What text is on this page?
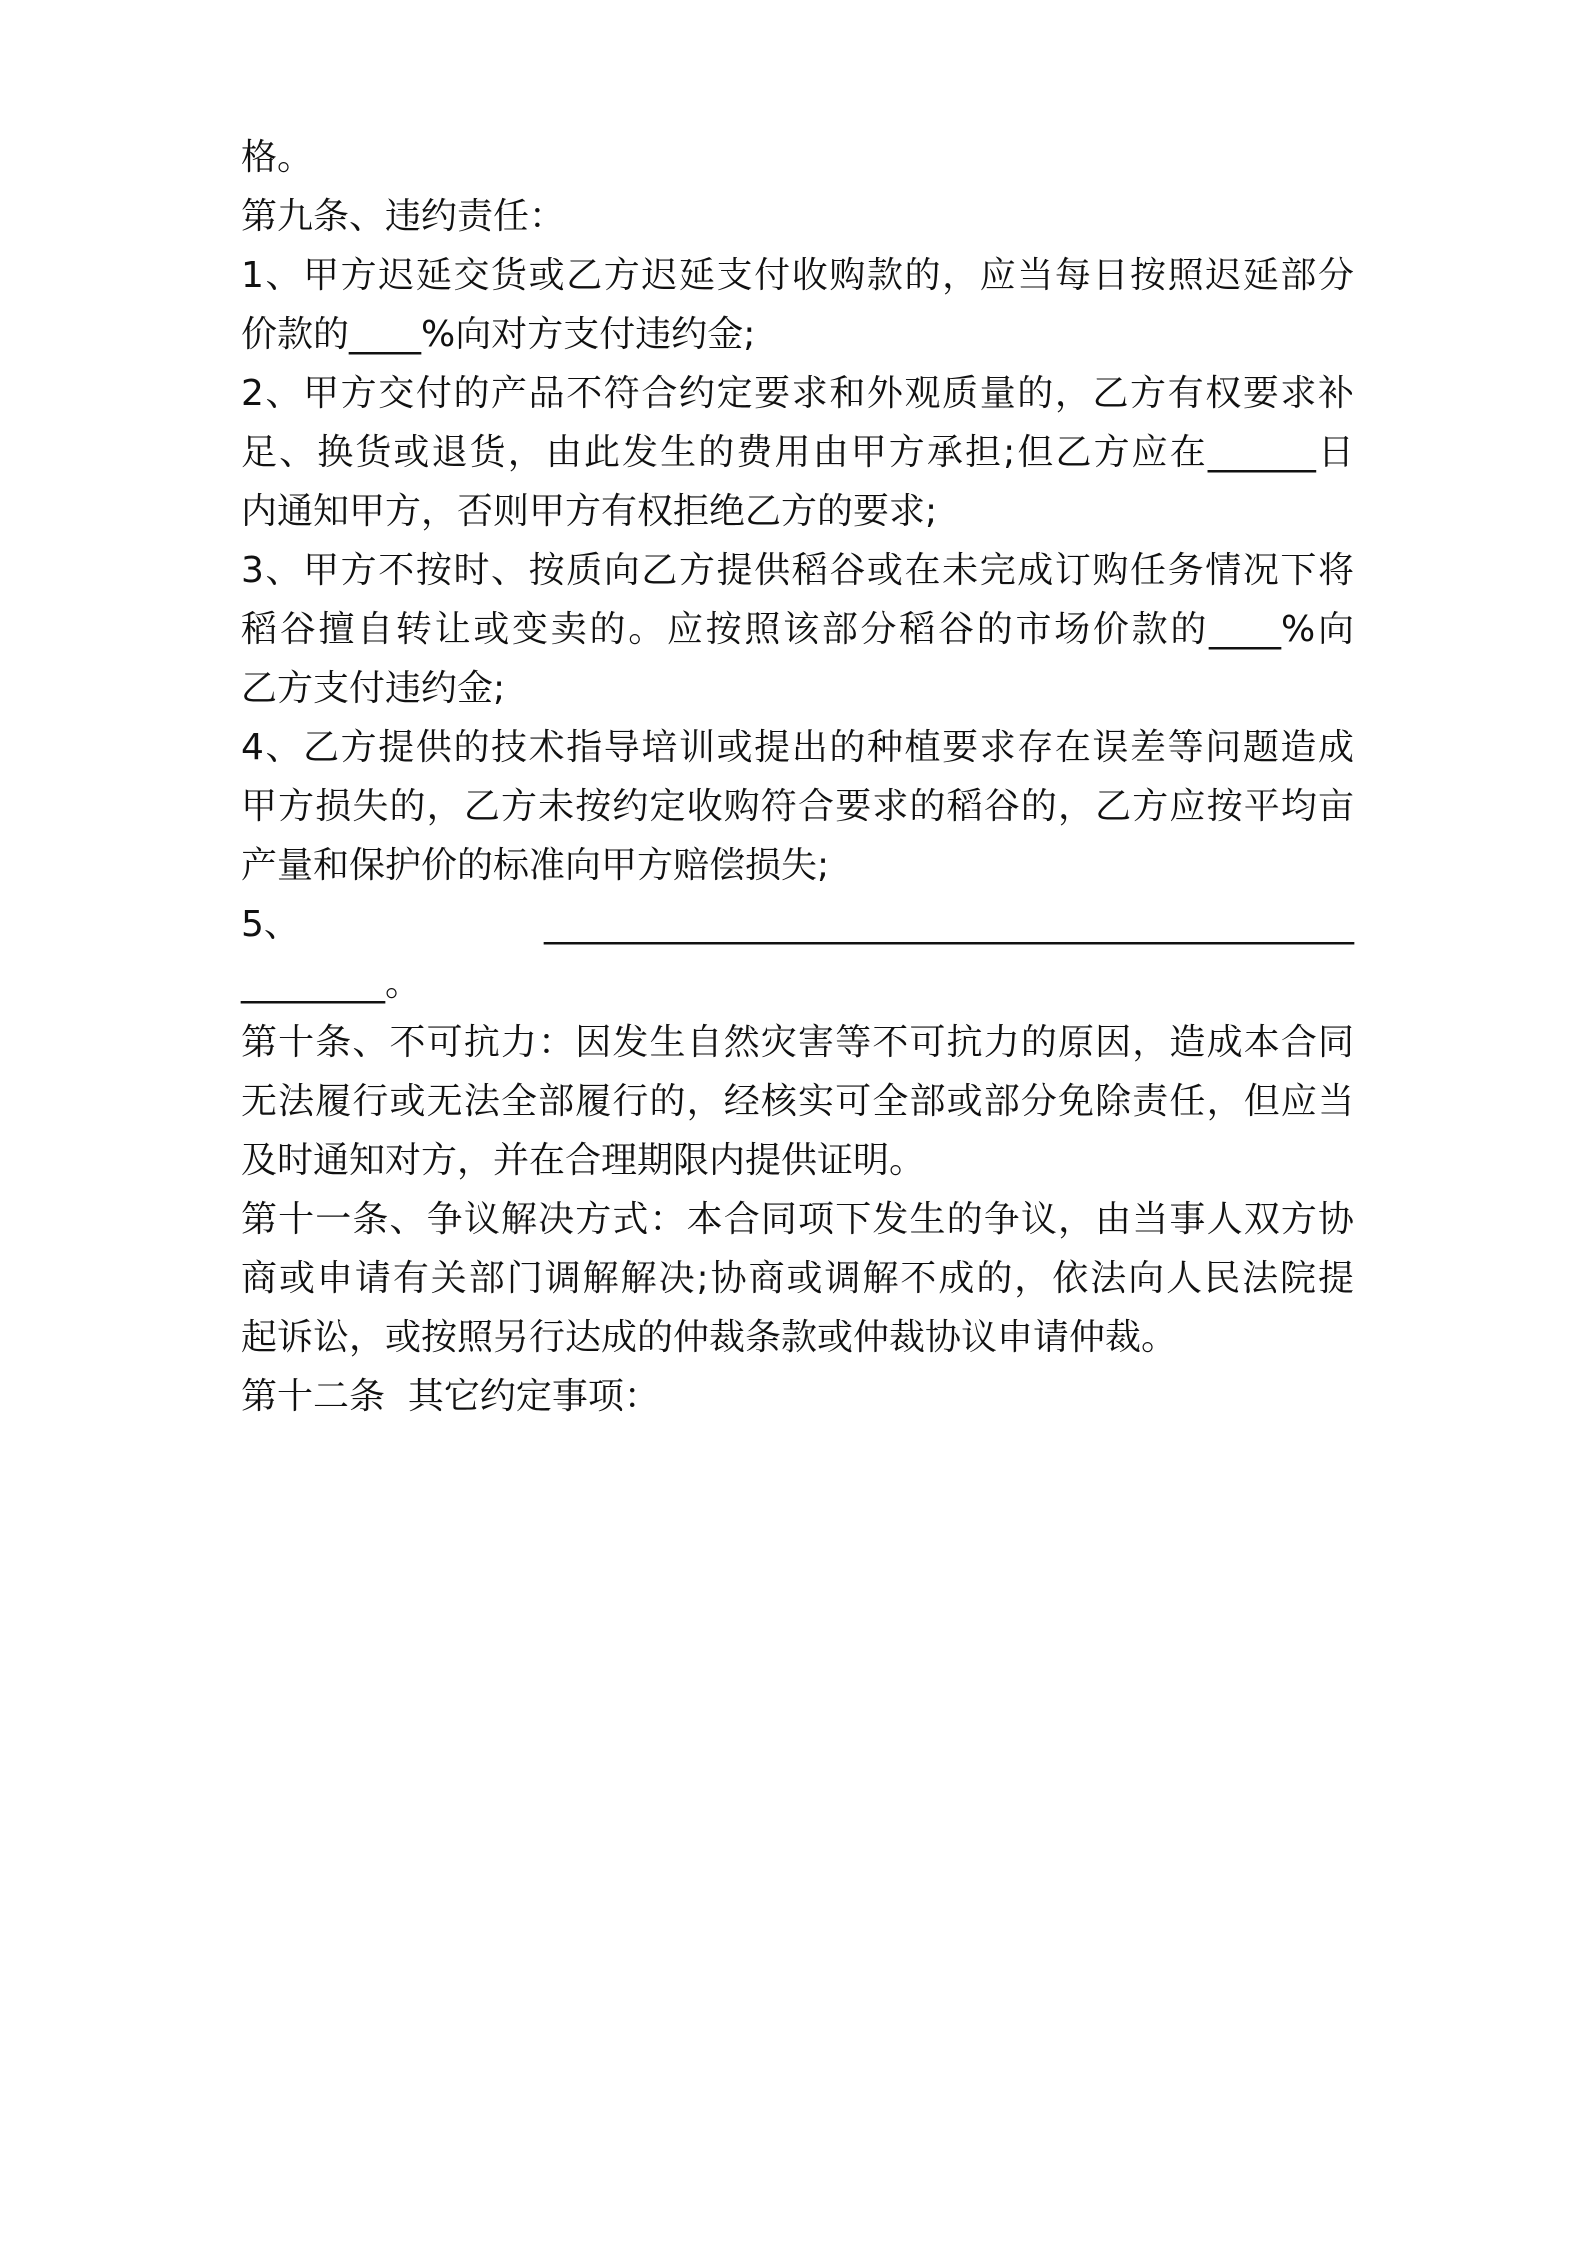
格。

第九条、违约责任：

1、甲方迟延交货或乙方迟延支付收购款的，应当每日按照迟延部分

价款的____%向对方支付违约金;

2、甲方交付的产品不符合约定要求和外观质量的，乙方有权要求补

足、换货或退货，由此发生的费用由甲方承担;但乙方应在______日

内通知甲方，否则甲方有权拒绝乙方的要求;

3、甲方不按时、按质向乙方提供稻谷或在未完成订购任务情况下将

稻谷擅自转让或变卖的。应按照该部分稻谷的市场价款的____%向

乙方支付违约金;

4、乙方提供的技术指导培训或提出的种植要求存在误差等问题造成

甲方损失的，乙方未按约定收购符合要求的稻谷的，乙方应按平均亩

产量和保护价的标准向甲方赔偿损失;

5、	_____________________________________________

________。

第十条、不可抗力：因发生自然灾害等不可抗力的原因，造成本合同

无法履行或无法全部履行的，经核实可全部或部分免除责任，但应当

及时通知对方，并在合理期限内提供证明。

第十一条、争议解决方式：本合同项下发生的争议，由当事人双方协

商或申请有关部门调解解决;协商或调解不成的，依法向人民法院提

起诉讼，或按照另行达成的仲裁条款或仲裁协议申请仲裁。

第十二条  其它约定事项：
